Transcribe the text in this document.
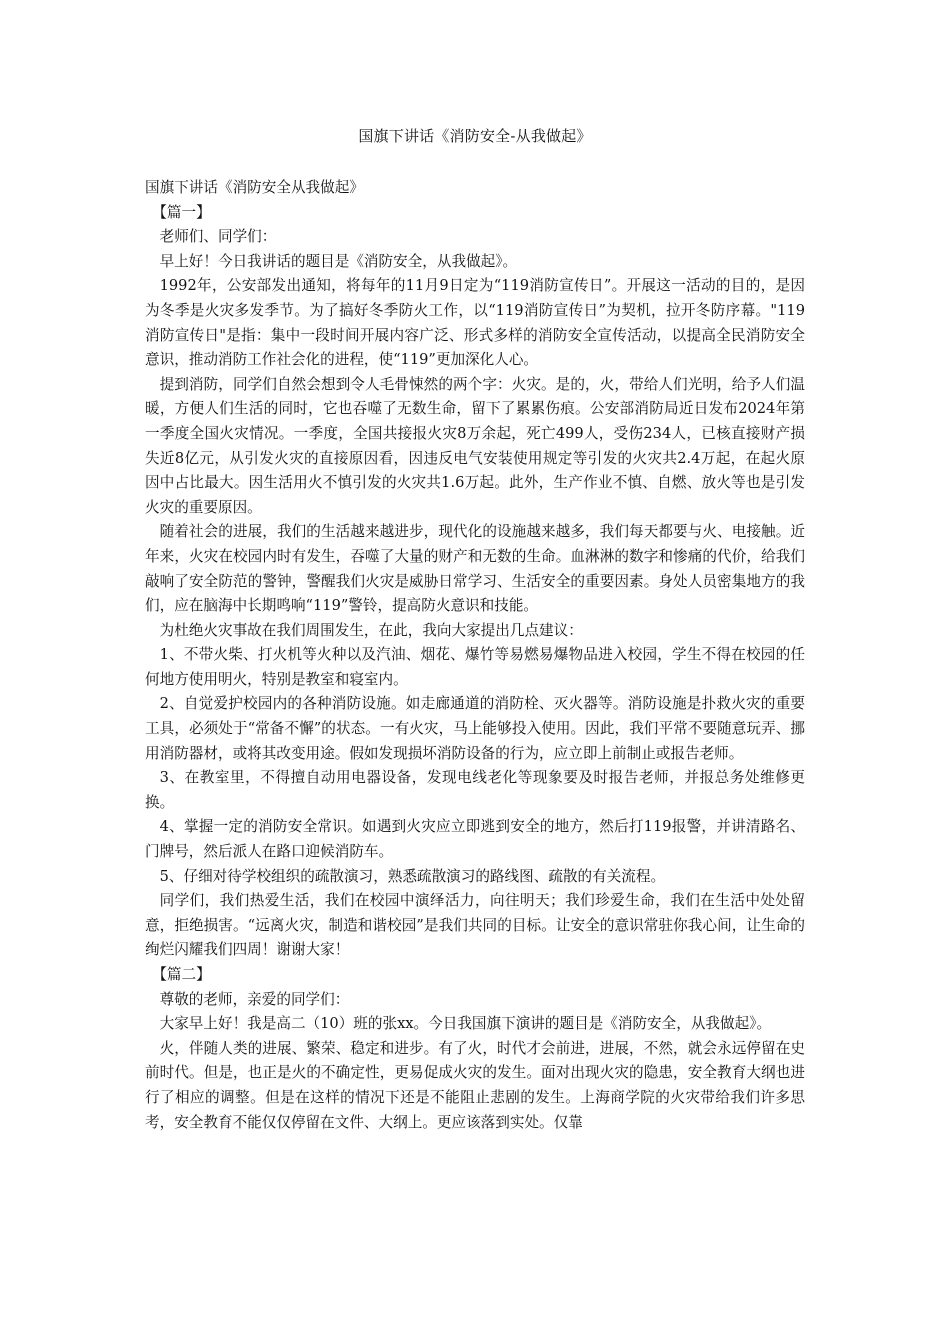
国旗下讲话《消防安全-从我做起》

国旗下讲话《消防安全从我做起》

【篇一】

老师们、同学们：

早上好！今日我讲话的题目是《消防安全，从我做起》。

1992年，公安部发出通知，将每年的11月9日定为“119消防宣传日”。开展这一活动的目的，是因为冬季是火灾多发季节。为了搞好冬季防火工作，以“119消防宣传日”为契机，拉开冬防序幕。"119消防宣传日"是指：集中一段时间开展内容广泛、形式多样的消防安全宣传活动，以提高全民消防安全意识，推动消防工作社会化的进程，使“119”更加深化人心。

提到消防，同学们自然会想到令人毛骨悚然的两个字：火灾。是的，火，带给人们光明，给予人们温暖，方便人们生活的同时，它也吞噬了无数生命，留下了累累伤痕。公安部消防局近日发布2024年第一季度全国火灾情况。一季度，全国共接报火灾8万余起，死亡499人，受伤234人，已核直接财产损失近8亿元，从引发火灾的直接原因看，因违反电气安装使用规定等引发的火灾共2.4万起，在起火原因中占比最大。因生活用火不慎引发的火灾共1.6万起。此外，生产作业不慎、自燃、放火等也是引发火灾的重要原因。

随着社会的进展，我们的生活越来越进步，现代化的设施越来越多，我们每天都要与火、电接触。近年来，火灾在校园内时有发生，吞噬了大量的财产和无数的生命。血淋淋的数字和惨痛的代价，给我们敲响了安全防范的警钟，警醒我们火灾是威胁日常学习、生活安全的重要因素。身处人员密集地方的我们，应在脑海中长期鸣响“119”警铃，提高防火意识和技能。

为杜绝火灾事故在我们周围发生，在此，我向大家提出几点建议：

1、不带火柴、打火机等火种以及汽油、烟花、爆竹等易燃易爆物品进入校园，学生不得在校园的任何地方使用明火，特别是教室和寝室内。

2、自觉爱护校园内的各种消防设施。如走廊通道的消防栓、灭火器等。消防设施是扑救火灾的重要工具，必须处于“常备不懈”的状态。一有火灾，马上能够投入使用。因此，我们平常不要随意玩弄、挪用消防器材，或将其改变用途。假如发现损坏消防设备的行为，应立即上前制止或报告老师。

3、在教室里，不得擅自动用电器设备，发现电线老化等现象要及时报告老师，并报总务处维修更换。

4、掌握一定的消防安全常识。如遇到火灾应立即逃到安全的地方，然后打119报警，并讲清路名、门牌号，然后派人在路口迎候消防车。

5、仔细对待学校组织的疏散演习，熟悉疏散演习的路线图、疏散的有关流程。

同学们，我们热爱生活，我们在校园中演绎活力，向往明天；我们珍爱生命，我们在生活中处处留意，拒绝损害。“远离火灾，制造和谐校园”是我们共同的目标。让安全的意识常驻你我心间，让生命的绚烂闪耀我们四周！谢谢大家！

【篇二】

尊敬的老师，亲爱的同学们：

大家早上好！我是高二（10）班的张xx。今日我国旗下演讲的题目是《消防安全，从我做起》。

火，伴随人类的进展、繁荣、稳定和进步。有了火，时代才会前进，进展，不然，就会永远停留在史前时代。但是，也正是火的不确定性，更易促成火灾的发生。面对出现火灾的隐患，安全教育大纲也进行了相应的调整。但是在这样的情况下还是不能阻止悲剧的发生。上海商学院的火灾带给我们许多思考，安全教育不能仅仅停留在文件、大纲上。更应该落到实处。仅靠
